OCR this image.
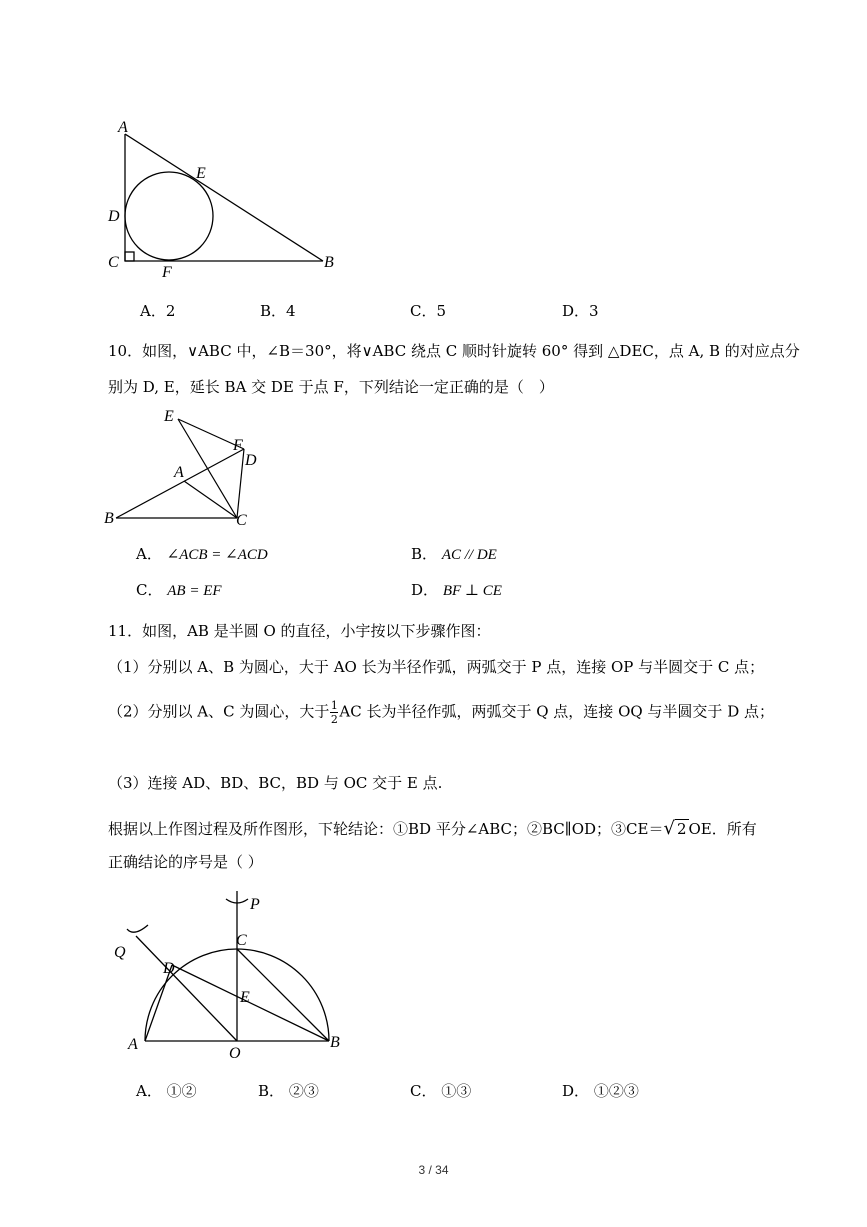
A
E
D
C
F
B
A．2	B．4	C．5	D．3
10．如图，∨ABC 中，∠B＝30°，将∨ABC 绕点 C 顺时针旋转 60° 得到 △DEC，点 A, B 的对应点分
别为 D, E，延长 BA 交 DE 于点 F，下列结论一定正确的是（　）
E
F
D
A
B	C
A． ∠ACB = ∠ACD	B． AC // DE
C． AB = EF	D． BF ⊥ CE
11．如图，AB 是半圆 O 的直径，小宇按以下步骤作图：
（1）分别以 A、B 为圆心，大于 AO 长为半径作弧，两弧交于 P 点，连接 OP 与半圆交于 C 点；
（2）分别以 A、C 为圆心，大于 $\frac{1}{2}$ AC 长为半径作弧，两弧交于 Q 点，连接 OQ 与半圆交于 D 点；
（3）连接 AD、BD、BC，BD 与 OC 交于 E 点.
根据以上作图过程及所作图形，下轮结论：①BD 平分∠ABC；②BC∥OD；③CE＝√ 2 OE．所有
正确结论的序号是（ ）
P
C
Q
D
E
A
O
B
A． ①②	B． ②③	C． ①③	D． ①②③
3 / 34
